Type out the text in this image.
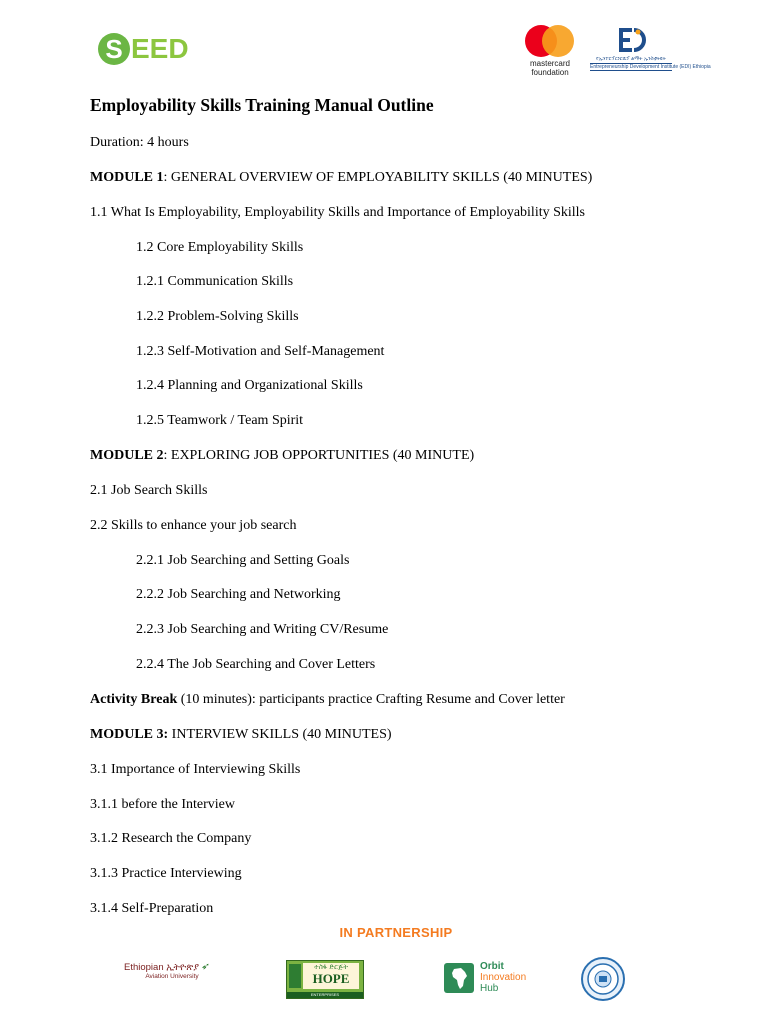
S EED	mastercard
foundation
የኢንተርፕርነርሺፕ ልማት ኢንስቲትዩት
Entrepreneurship Development Institute (EDI) Ethiopia
Employability Skills Training Manual Outline
Duration: 4 hours
MODULE 1: GENERAL OVERVIEW OF EMPLOYABILITY SKILLS (40 MINUTES)
1.1 What Is Employability, Employability Skills and Importance of Employability Skills
1.2 Core Employability Skills
1.2.1 Communication Skills
1.2.2 Problem-Solving Skills
1.2.3 Self-Motivation and Self-Management
1.2.4 Planning and Organizational Skills
1.2.5 Teamwork / Team Spirit
MODULE 2: EXPLORING JOB OPPORTUNITIES (40 MINUTE)
2.1 Job Search Skills
2.2 Skills to enhance your job search
2.2.1 Job Searching and Setting Goals
2.2.2 Job Searching and Networking
2.2.3 Job Searching and Writing CV/Resume
2.2.4 The Job Searching and Cover Letters
Activity Break (10 minutes): participants practice Crafting Resume and Cover letter
MODULE 3: INTERVIEW SKILLS (40 MINUTES)
3.1 Importance of Interviewing Skills
3.1.1 before the Interview
3.1.2 Research the Company
3.1.3 Practice Interviewing
3.1.4 Self-Preparation
IN PARTNERSHIP
Ethiopian ኢትዮጵያ ➶
Aviation University
ተስፋ ድርጅት
HOPE
ENTERPRISES
Orbit
Innovation
Hub
